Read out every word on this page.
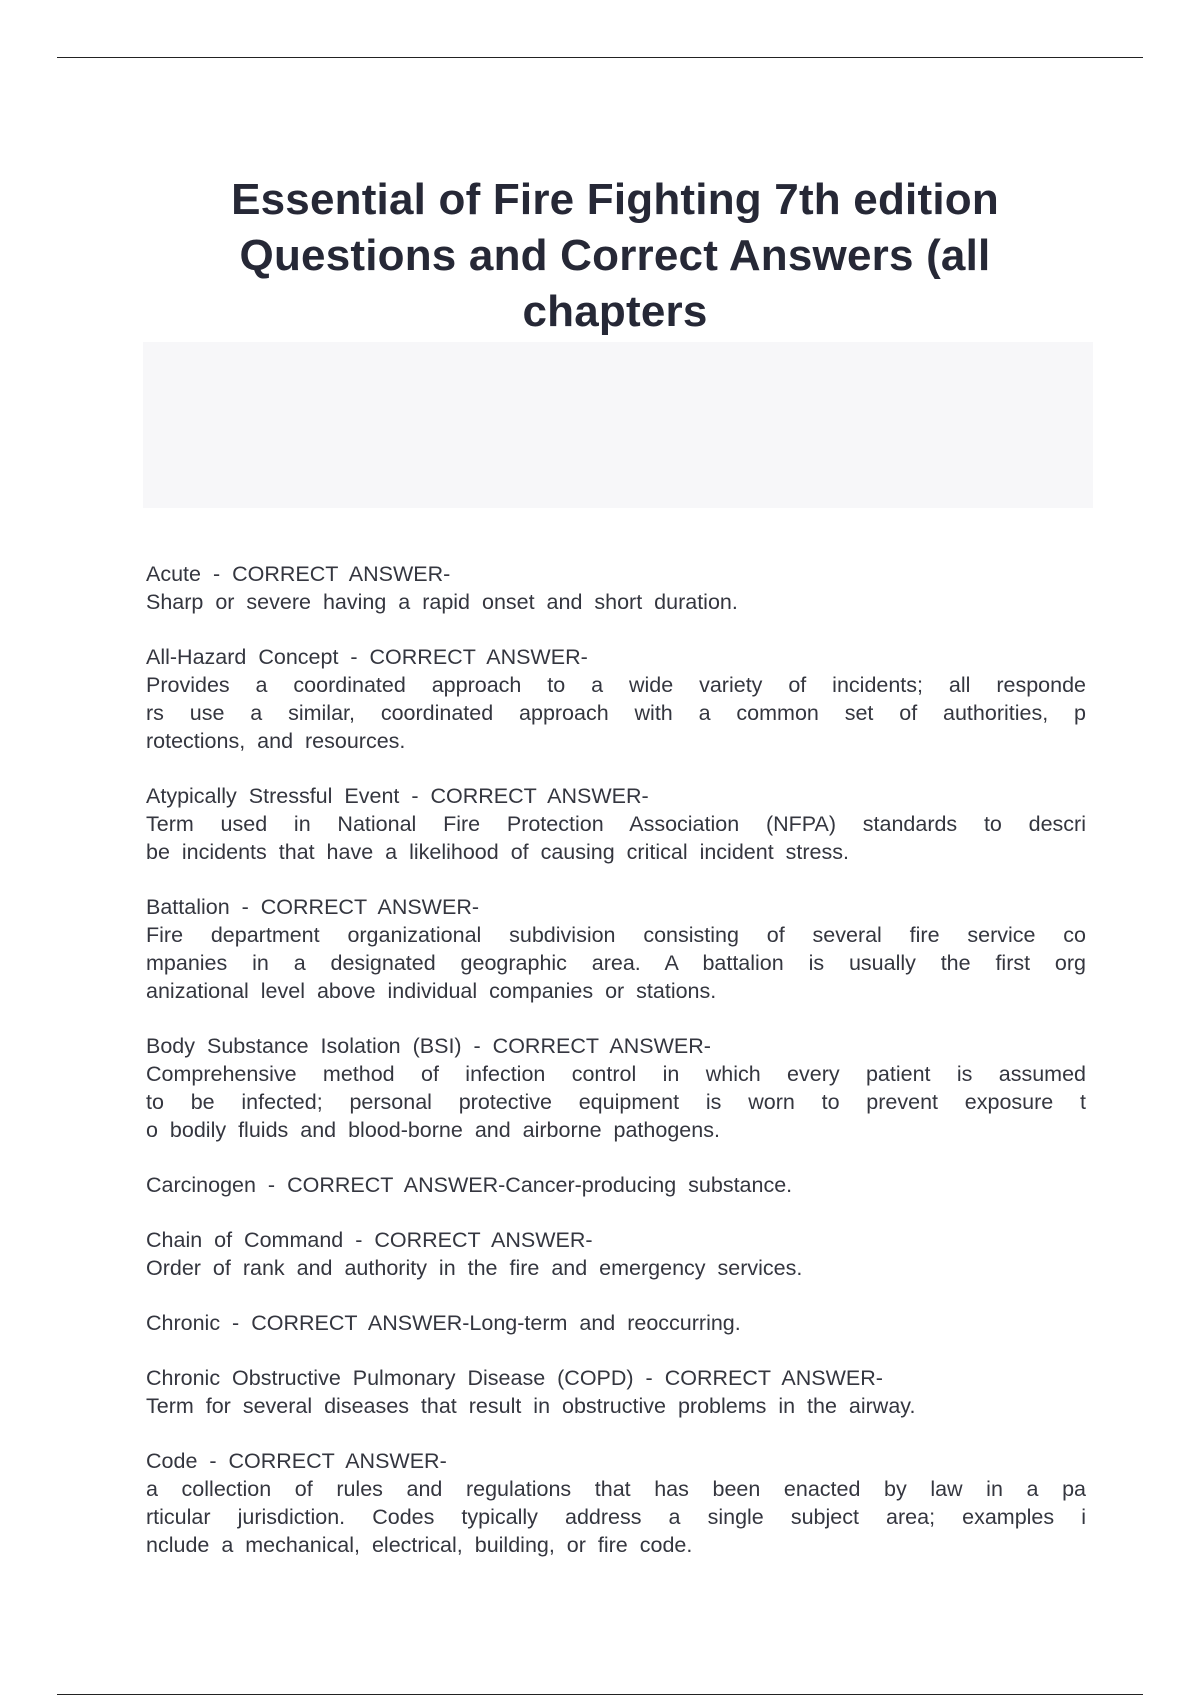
Essential of Fire Fighting 7th edition
Questions and Correct Answers (all
chapters
Acute - CORRECT ANSWER-
Sharp or severe having a rapid onset and short duration.
All-Hazard Concept - CORRECT ANSWER-
Provides a coordinated approach to a wide variety of incidents; all responde
rs use a similar, coordinated approach with a common set of authorities, p
rotections, and resources.
Atypically Stressful Event - CORRECT ANSWER-
Term used in National Fire Protection Association (NFPA) standards to descri
be incidents that have a likelihood of causing critical incident stress.
Battalion - CORRECT ANSWER-
Fire department organizational subdivision consisting of several fire service co
mpanies in a designated geographic area. A battalion is usually the first org
anizational level above individual companies or stations.
Body Substance Isolation (BSI) - CORRECT ANSWER-
Comprehensive method of infection control in which every patient is assumed
to be infected; personal protective equipment is worn to prevent exposure t
o bodily fluids and blood-borne and airborne pathogens.
Carcinogen - CORRECT ANSWER-Cancer-producing substance.
Chain of Command - CORRECT ANSWER-
Order of rank and authority in the fire and emergency services.
Chronic - CORRECT ANSWER-Long-term and reoccurring.
Chronic Obstructive Pulmonary Disease (COPD) - CORRECT ANSWER-
Term for several diseases that result in obstructive problems in the airway.
Code - CORRECT ANSWER-
a collection of rules and regulations that has been enacted by law in a pa
rticular jurisdiction. Codes typically address a single subject area; examples i
nclude a mechanical, electrical, building, or fire code.
